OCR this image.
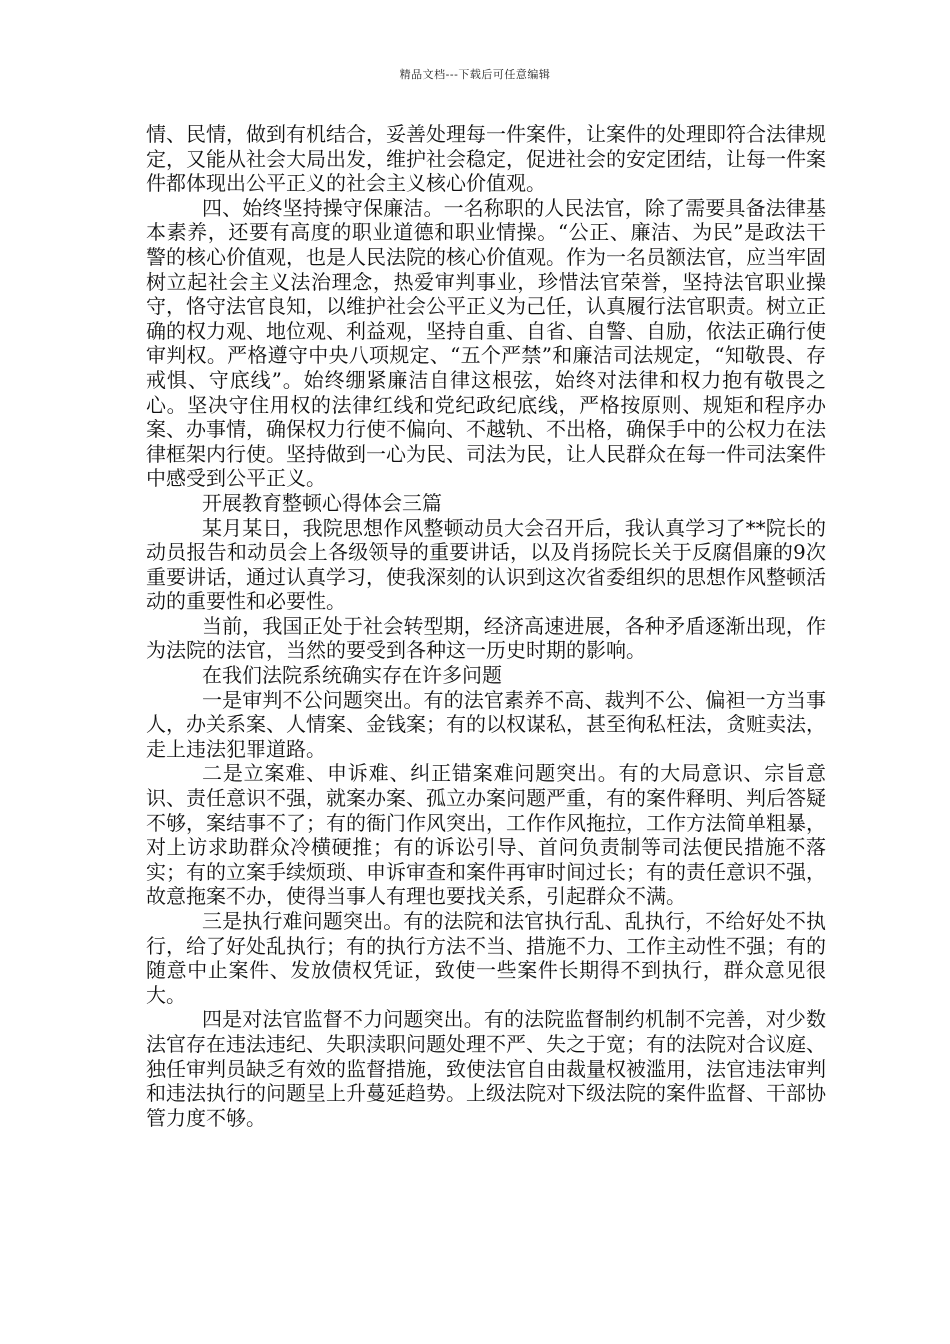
精品文档---下载后可任意编辑

情、民情，做到有机结合，妥善处理每一件案件，让案件的处理即符合法律规定，又能从社会大局出发，维护社会稳定，促进社会的安定团结，让每一件案件都体现出公平正义的社会主义核心价值观。

四、始终坚持操守保廉洁。一名称职的人民法官，除了需要具备法律基本素养，还要有高度的职业道德和职业情操。“公正、廉洁、为民”是政法干警的核心价值观，也是人民法院的核心价值观。作为一名员额法官，应当牢固树立起社会主义法治理念，热爱审判事业，珍惜法官荣誉，坚持法官职业操守，恪守法官良知，以维护社会公平正义为己任，认真履行法官职责。树立正确的权力观、地位观、利益观，坚持自重、自省、自警、自励，依法正确行使审判权。严格遵守中央八项规定、“五个严禁”和廉洁司法规定，“知敬畏、存戒惧、守底线”。始终绷紧廉洁自律这根弦，始终对法律和权力抱有敬畏之心。坚决守住用权的法律红线和党纪政纪底线，严格按原则、规矩和程序办案、办事情，确保权力行使不偏向、不越轨、不出格，确保手中的公权力在法律框架内行使。坚持做到一心为民、司法为民，让人民群众在每一件司法案件中感受到公平正义。

开展教育整顿心得体会三篇

某月某日，我院思想作风整顿动员大会召开后，我认真学习了**院长的动员报告和动员会上各级领导的重要讲话，以及肖扬院长关于反腐倡廉的9次重要讲话，通过认真学习，使我深刻的认识到这次省委组织的思想作风整顿活动的重要性和必要性。

当前，我国正处于社会转型期，经济高速进展，各种矛盾逐渐出现，作为法院的法官，当然的要受到各种这一历史时期的影响。

在我们法院系统确实存在许多问题

一是审判不公问题突出。有的法官素养不高、裁判不公、偏袒一方当事人，办关系案、人情案、金钱案；有的以权谋私，甚至徇私枉法，贪赃卖法，走上违法犯罪道路。

二是立案难、申诉难、纠正错案难问题突出。有的大局意识、宗旨意识、责任意识不强，就案办案、孤立办案问题严重，有的案件释明、判后答疑不够，案结事不了；有的衙门作风突出，工作作风拖拉，工作方法简单粗暴，对上访求助群众冷横硬推；有的诉讼引导、首问负责制等司法便民措施不落实；有的立案手续烦琐、申诉审查和案件再审时间过长；有的责任意识不强，故意拖案不办，使得当事人有理也要找关系，引起群众不满。

三是执行难问题突出。有的法院和法官执行乱、乱执行，不给好处不执行，给了好处乱执行；有的执行方法不当、措施不力、工作主动性不强；有的随意中止案件、发放债权凭证，致使一些案件长期得不到执行，群众意见很大。

四是对法官监督不力问题突出。有的法院监督制约机制不完善，对少数法官存在违法违纪、失职渎职问题处理不严、失之于宽；有的法院对合议庭、独任审判员缺乏有效的监督措施，致使法官自由裁量权被滥用，法官违法审判和违法执行的问题呈上升蔓延趋势。上级法院对下级法院的案件监督、干部协管力度不够。
